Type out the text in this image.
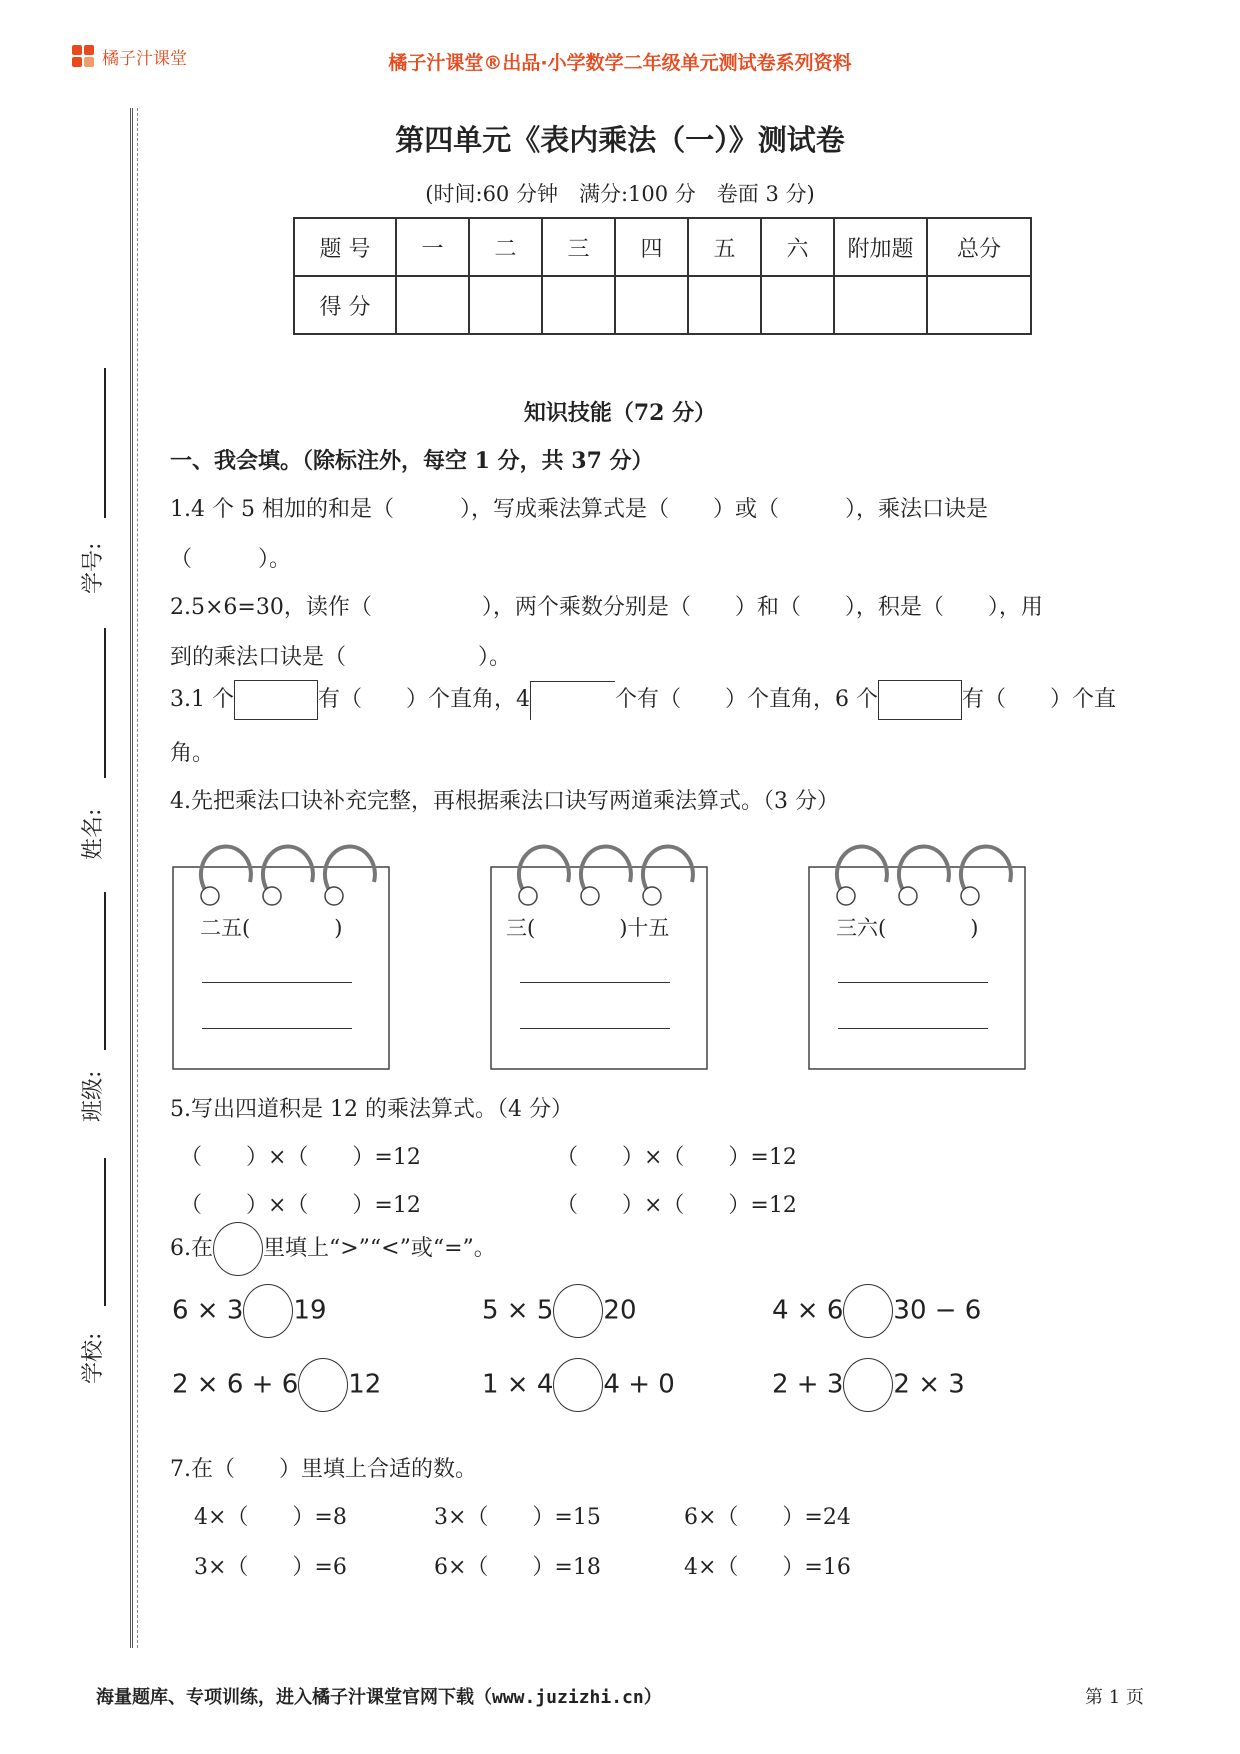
橘子汁课堂	橘子汁课堂®出品·小学数学二年级单元测试卷系列资料
学号:
姓名:
班级:
学校:
第四单元《表内乘法（一）》测试卷
(时间:60 分钟　满分:100 分　卷面 3 分)
题 号	一	二	三	四	五	六	附加题	总分
得 分								
知识技能（72 分）
一、我会填。（除标注外，每空 1 分，共 37 分）
1.4 个 5 相加的和是（　　　），写成乘法算式是（　　）或（　　　），乘法口诀是
（　　　）。
2.5×6=30，读作（　　　　　），两个乘数分别是（　　）和（　　），积是（　　），用
到的乘法口诀是（　　　　　　）。
3.1 个	有（　　）个直角，4	个有（　　）个直角，6 个	有（　　）个直
角。
4.先把乘法口诀补充完整，再根据乘法口诀写两道乘法算式。（3 分）
二五(　　　　)	三(　　　　)十五	三六(　　　　)
5.写出四道积是 12 的乘法算式。（4 分）
（　　）×（　　）=12	（　　）×（　　）=12
（　　）×（　　）=12	（　　）×（　　）=12
6.在 里填上“>”“<”或“=”。
6 × 3 19	5 × 5 20	4 × 6 30 − 6
2 × 6 + 6 12	1 × 4 4 + 0	2 + 3 2 × 3
7.在（　　）里填上合适的数。
4×（　　）=8	3×（　　）=15	6×（　　）=24
3×（　　）=6	6×（　　）=18	4×（　　）=16
海量题库、专项训练，进入橘子汁课堂官网下载（www.juzizhi.cn）	第 1 页
